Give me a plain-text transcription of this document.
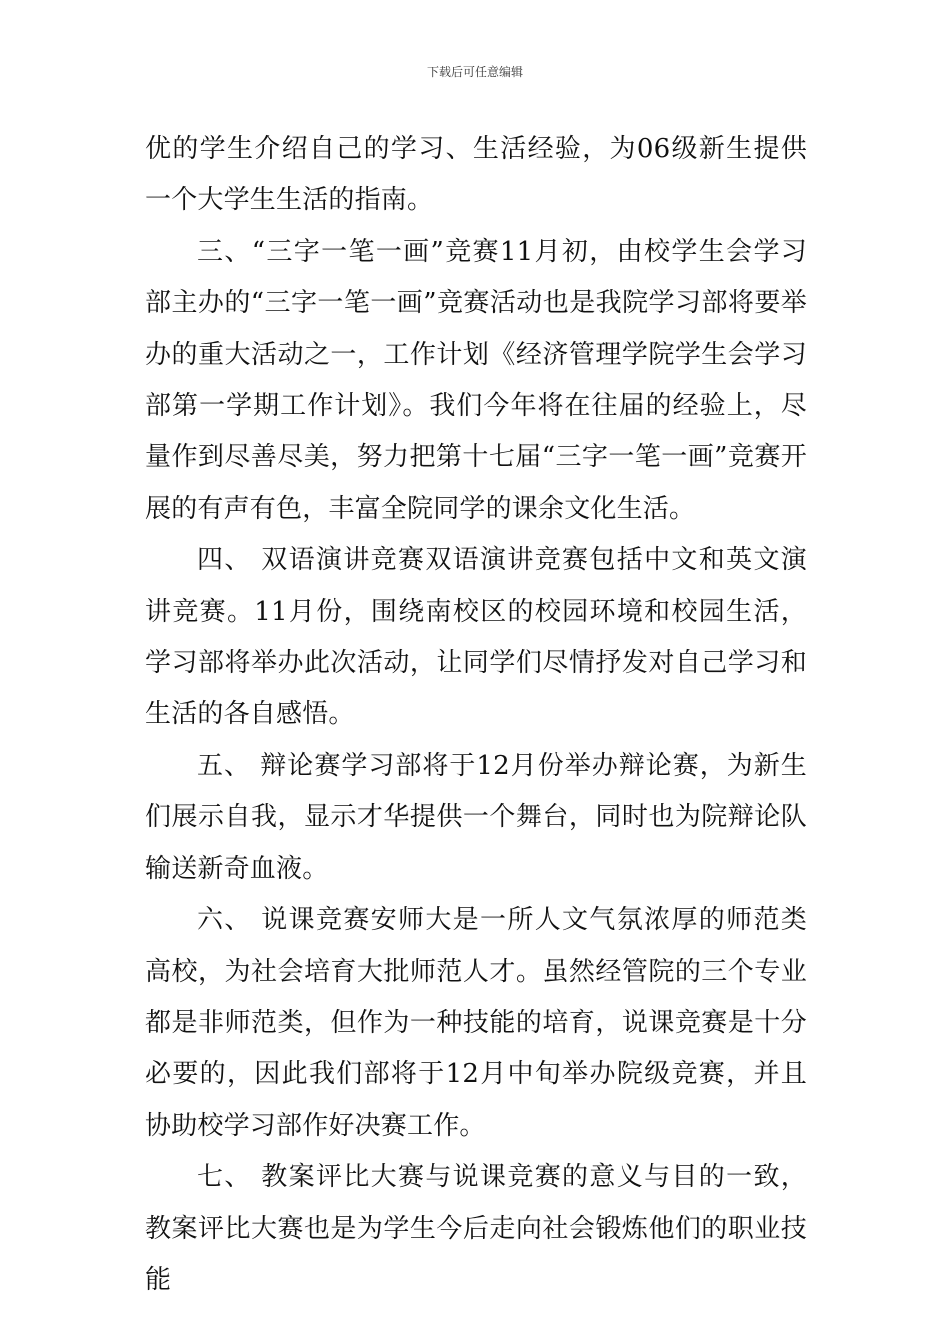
下载后可任意编辑

优的学生介绍自己的学习、生活经验，为06级新生提供一个大学生生活的指南。

三、“三字一笔一画”竞赛11月初，由校学生会学习部主办的“三字一笔一画”竞赛活动也是我院学习部将要举办的重大活动之一，工作计划《经济管理学院学生会学习部第一学期工作计划》。我们今年将在往届的经验上，尽量作到尽善尽美，努力把第十七届“三字一笔一画”竞赛开展的有声有色，丰富全院同学的课余文化生活。

四、 双语演讲竞赛双语演讲竞赛包括中文和英文演讲竞赛。11月份，围绕南校区的校园环境和校园生活，学习部将举办此次活动，让同学们尽情抒发对自己学习和生活的各自感悟。

五、 辩论赛学习部将于12月份举办辩论赛，为新生们展示自我，显示才华提供一个舞台，同时也为院辩论队输送新奇血液。

六、 说课竞赛安师大是一所人文气氛浓厚的师范类高校，为社会培育大批师范人才。虽然经管院的三个专业都是非师范类，但作为一种技能的培育，说课竞赛是十分必要的，因此我们部将于12月中旬举办院级竞赛，并且协助校学习部作好决赛工作。

七、 教案评比大赛与说课竞赛的意义与目的一致，教案评比大赛也是为学生今后走向社会锻炼他们的职业技能
